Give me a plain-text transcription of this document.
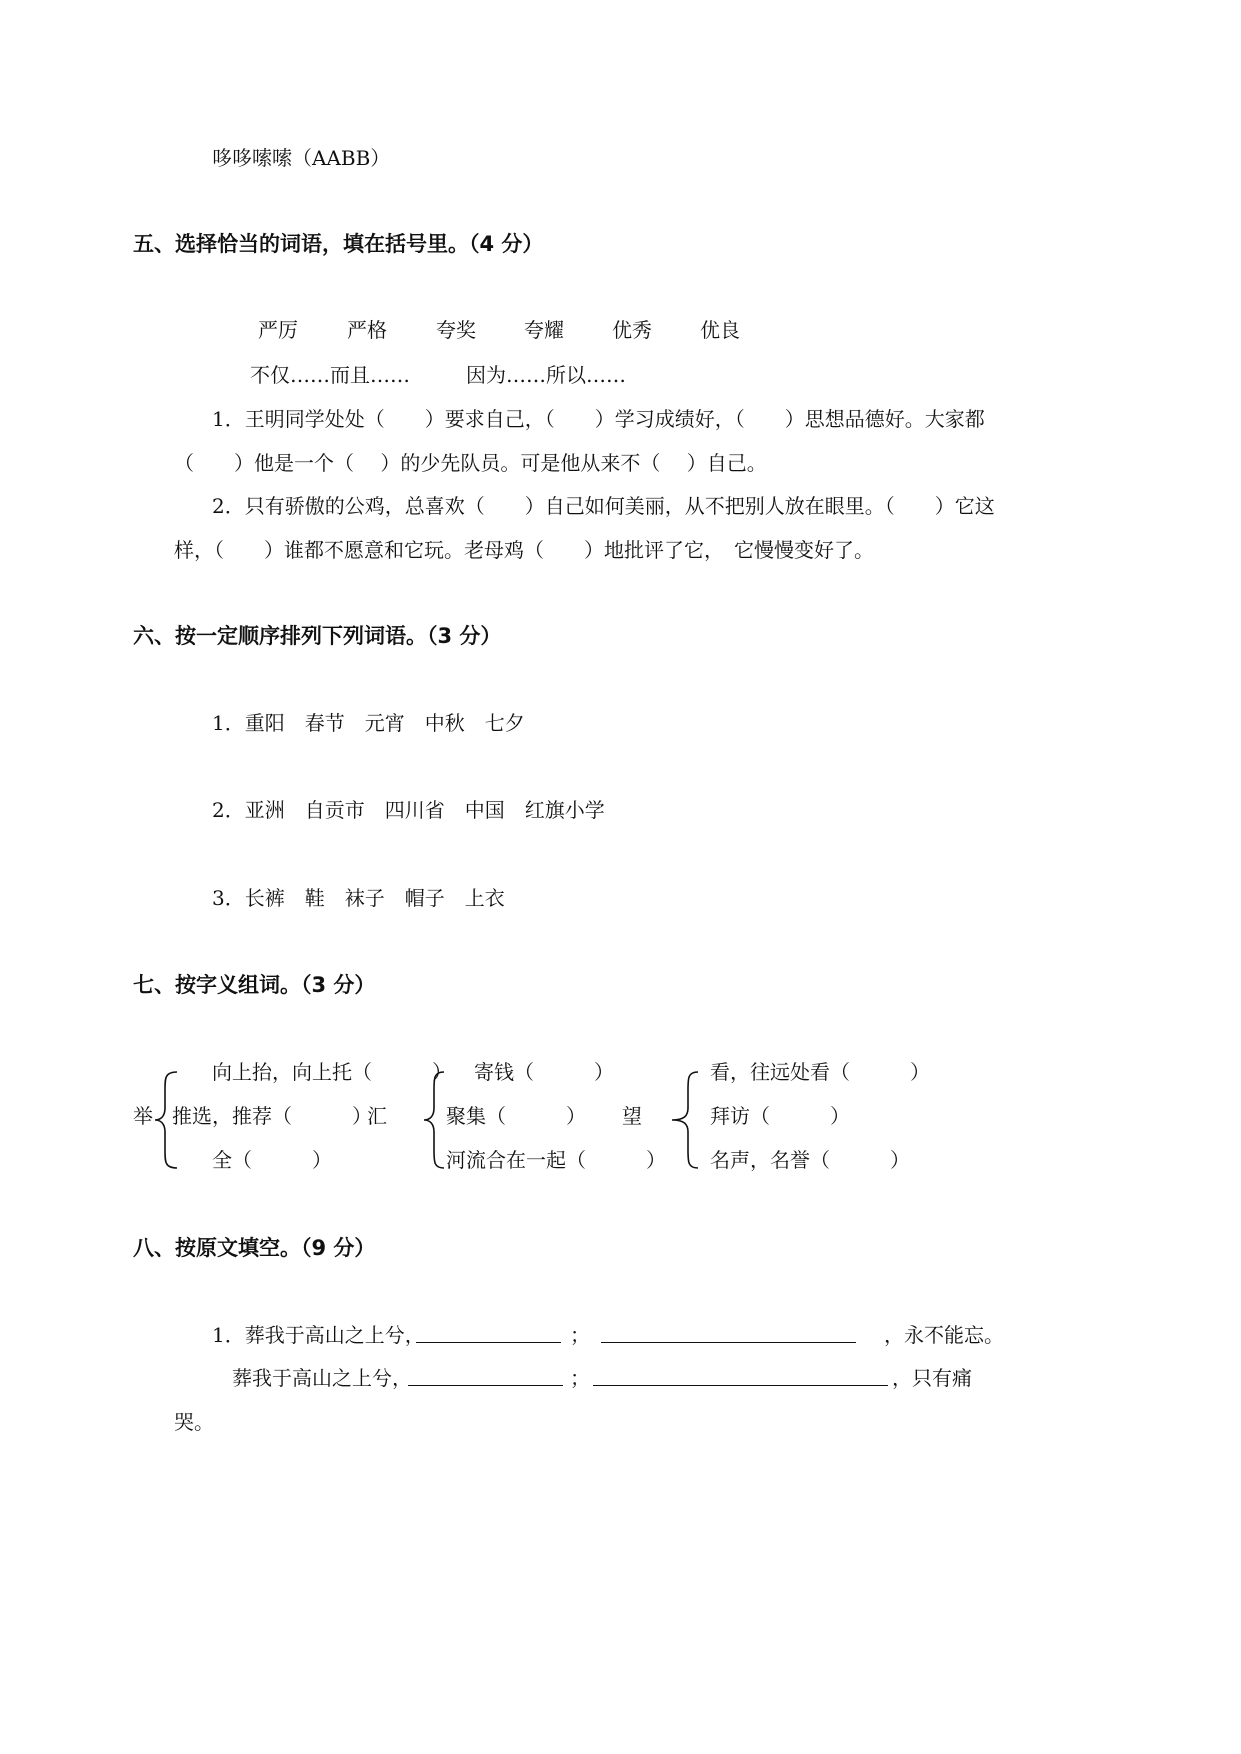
哆哆嗦嗦（AABB）
五、选择恰当的词语，填在括号里。（4 分）
严厉 严格 夸奖 夸耀 优秀 优良
不仅……而且……	因为……所以……
1．王明同学处处（　　）要求自己，（　　）学习成绩好，（　　）思想品德好。大家都
（　　）他是一个（　 ）的少先队员。可是他从来不（　 ）自己。
2．只有骄傲的公鸡，总喜欢（　　）自己如何美丽，从不把别人放在眼里。（　　）它这
样，（　　）谁都不愿意和它玩。老母鸡（　　）地批评了它，　它慢慢变好了。
六、按一定顺序排列下列词语。（3 分）
1．重阳　春节　元宵　中秋　七夕
2．亚洲　自贡市　四川省　中国　红旗小学
3．长裤　鞋　袜子　帽子　上衣
七、按字义组词。（3 分）
举
向上抬，向上托（　　　）
推选，推荐（　　　）
全（　　　）
汇
寄钱（　　　）
聚集（　　　）
河流合在一起（　　　）
望
看，往远处看（　　　）
拜访（　　　）
名声，名誉（　　　）
八、按原文填空。（9 分）
1．葬我于高山之上兮，	；	，永不能忘。
葬我于高山之上兮，	；	，只有痛
哭。
